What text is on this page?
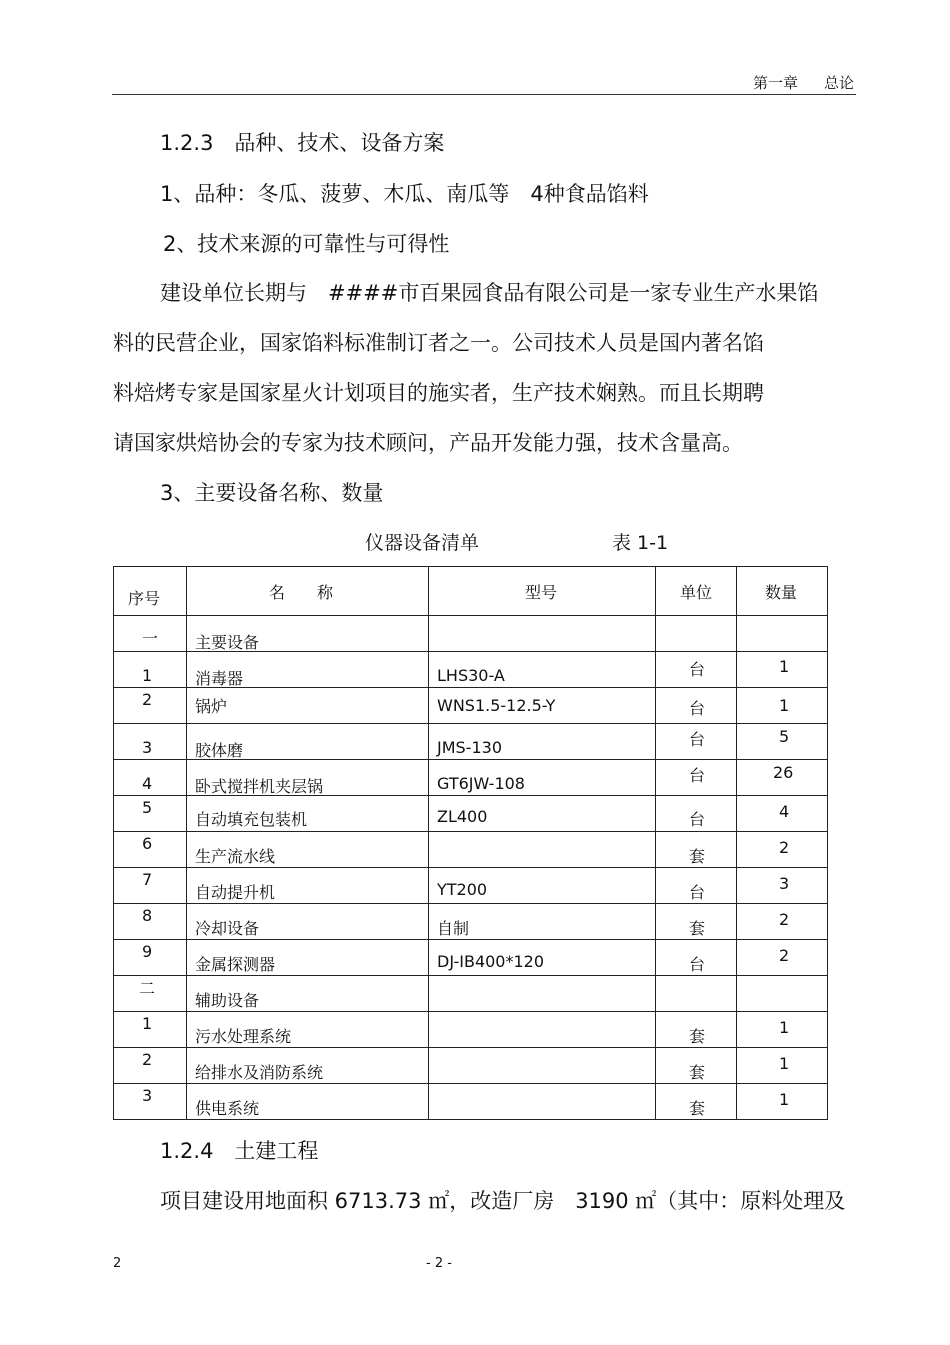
第一章 总论
1.2.3　品种、技术、设备方案
1、品种：冬瓜、菠萝、木瓜、南瓜等　4种食品馅料
2、技术来源的可靠性与可得性
建设单位长期与　####市百果园食品有限公司是一家专业生产水果馅
料的民营企业，国家馅料标准制订者之一。公司技术人员是国内著名馅
料焙烤专家是国家星火计划项目的施实者，生产技术娴熟。而且长期聘
请国家烘焙协会的专家为技术顾问，产品开发能力强，技术含量高。
3、主要设备名称、数量
仪器设备清单	表 1-1
序号	名　　称	型号	单位	数量

一	主要设备			

1	消毒器	LHS30-A	台	1

2	锅炉	WNS1.5-12.5-Y	台	1

3	胶体磨	JMS-130	台	5

4	卧式搅拌机夹层锅	GT6JW-108	台	26

5	自动填充包装机	ZL400	台	4

6	生产流水线		套	2

7	自动提升机	YT200	台	3

8	冷却设备	自制	套	2

9	金属探测器	DJ-IB400*120	台	2

二	辅助设备			

1	污水处理系统		套	1

2	给排水及消防系统		套	1

3	供电系统		套	1
1.2.4　土建工程
项目建设用地面积 6713.73 ㎡，改造厂房　3190 ㎡（其中：原料处理及
2	- 2 -
